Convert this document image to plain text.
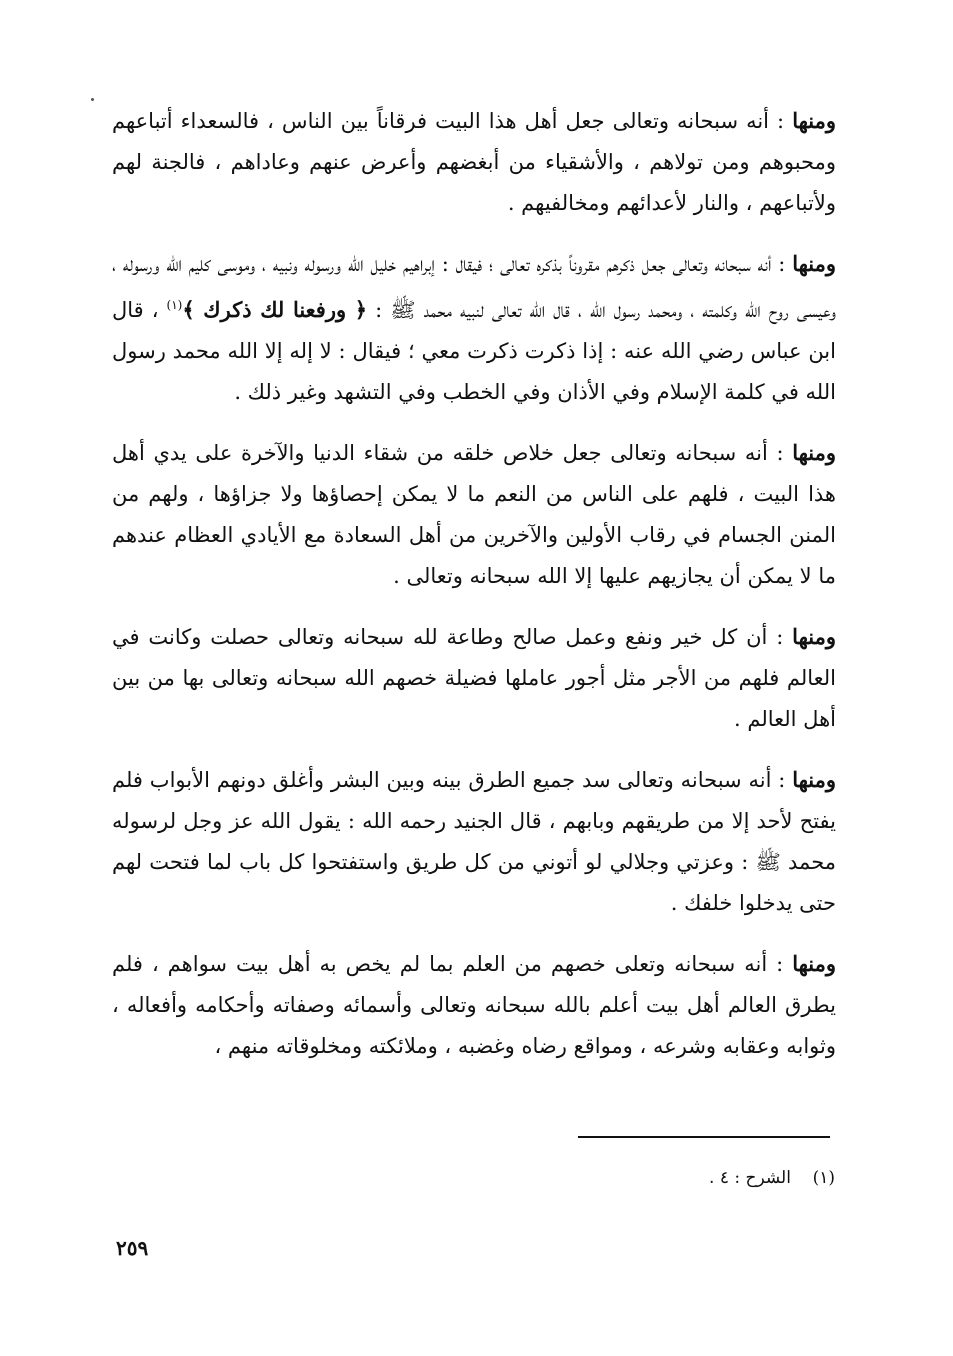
ومنها : أنه سبحانه وتعالى جعل أهل هذا البيت فرقاناً بين الناس ، فالسعداء أتباعهم ومحبوهم ومن تولاهم ، والأشقياء من أبغضهم وأعرض عنهم وعاداهم ، فالجنة لهم ولأتباعهم ، والنار لأعدائهم ومخالفيهم .

ومنها : أنه سبحانه وتعالى جعل ذكرهم مقروناً بذكره تعالى ؛ فيقال : إبراهيم خليل الله ورسوله ونبيه ، وموسى كليم الله ورسوله ، وعيسى روح الله وكلمته ، ومحمد رسول الله ، قال الله تعالى لنبيه محمد ﷺ : ﴿ ورفعنا لك ذكرك ﴾$^{(١)}$ ، قال ابن عباس رضي الله عنه : إذا ذكرت ذكرت معي ؛ فيقال : لا إله إلا الله محمد رسول الله في كلمة الإسلام وفي الأذان وفي الخطب وفي التشهد وغير ذلك .

ومنها : أنه سبحانه وتعالى جعل خلاص خلقه من شقاء الدنيا والآخرة على يدي أهل هذا البيت ، فلهم على الناس من النعم ما لا يمكن إحصاؤها ولا جزاؤها ، ولهم من المنن الجسام في رقاب الأولين والآخرين من أهل السعادة مع الأيادي العظام عندهم ما لا يمكن أن يجازيهم عليها إلا الله سبحانه وتعالى .

ومنها : أن كل خير ونفع وعمل صالح وطاعة لله سبحانه وتعالى حصلت وكانت في العالم فلهم من الأجر مثل أجور عاملها فضيلة خصهم الله سبحانه وتعالى بها من بين أهل العالم .

ومنها : أنه سبحانه وتعالى سد جميع الطرق بينه وبين البشر وأغلق دونهم الأبواب فلم يفتح لأحد إلا من طريقهم وبابهم ، قال الجنيد رحمه الله : يقول الله عز وجل لرسوله محمد ﷺ : وعزتي وجلالي لو أتوني من كل طريق واستفتحوا كل باب لما فتحت لهم حتى يدخلوا خلفك .

ومنها : أنه سبحانه وتعلى خصهم من العلم بما لم يخص به أهل بيت سواهم ، فلم يطرق العالم أهل بيت أعلم بالله سبحانه وتعالى وأسمائه وصفاته وأحكامه وأفعاله ، وثوابه وعقابه وشرعه ، ومواقع رضاه وغضبه ، وملائكته ومخلوقاته منهم ،

(١)    الشرح : ٤ .
٢٥٩
